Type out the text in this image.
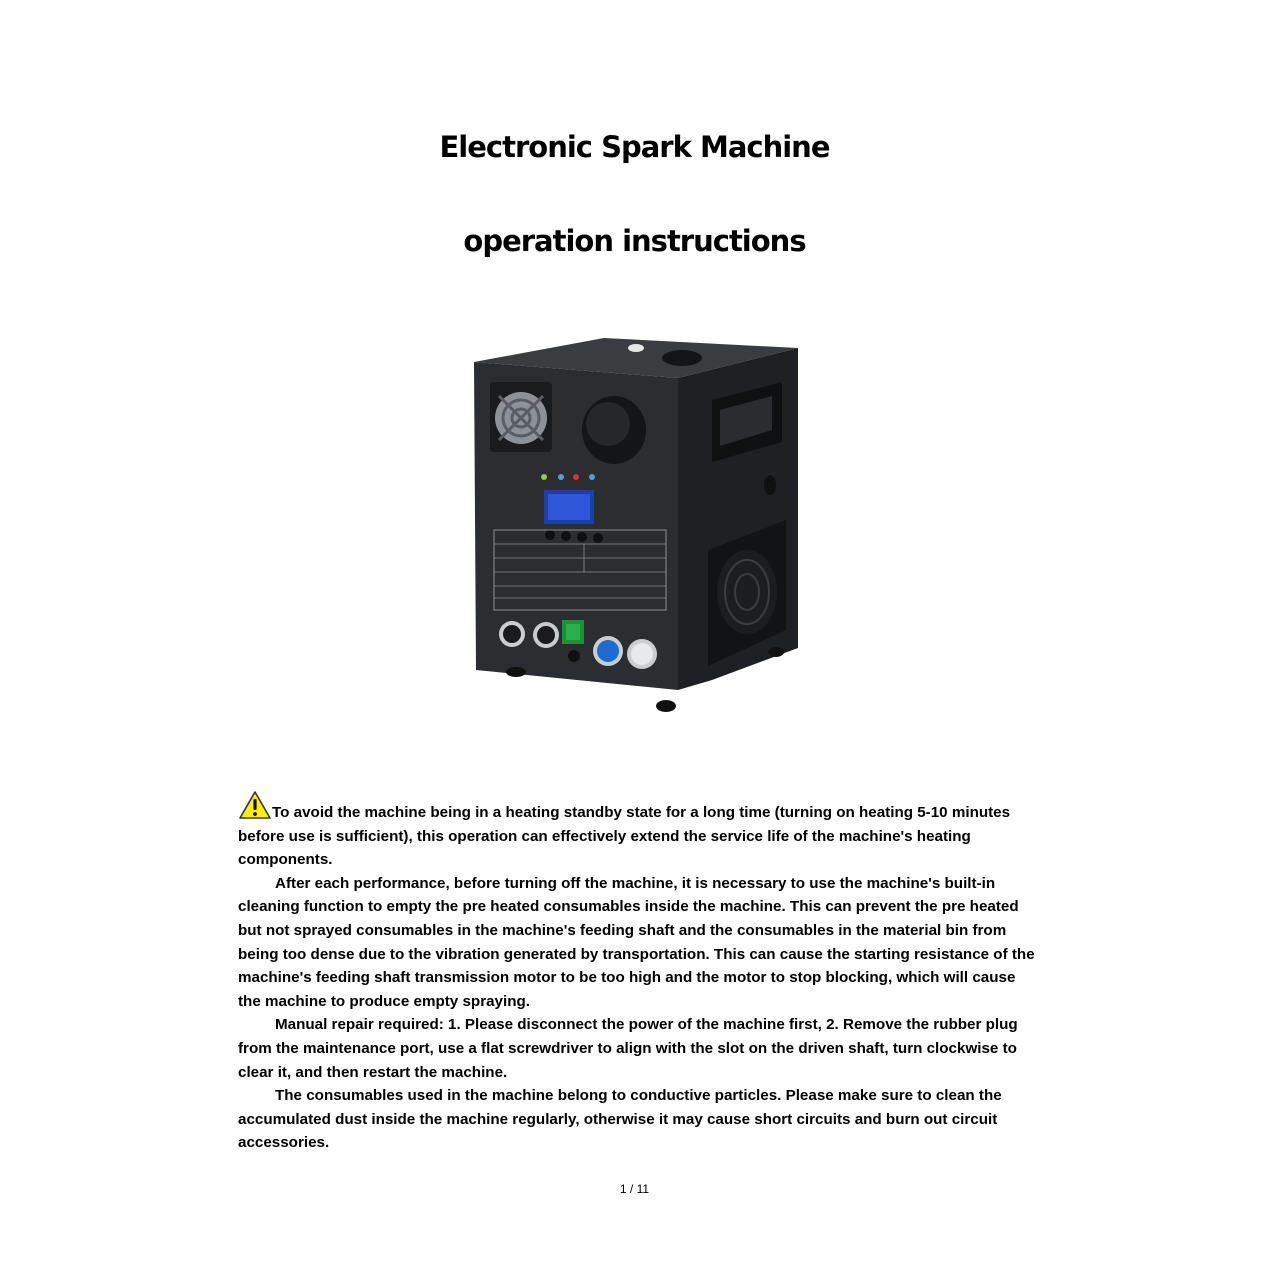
Electronic Spark Machine
operation instructions

To avoid the machine being in a heating standby state for a long time (turning on heating 5-10 minutes before use is sufficient), this operation can effectively extend the service life of the machine's heating components.

After each performance, before turning off the machine, it is necessary to use the machine's built-in cleaning function to empty the pre heated consumables inside the machine. This can prevent the pre heated but not sprayed consumables in the machine's feeding shaft and the consumables in the material bin from being too dense due to the vibration generated by transportation. This can cause the starting resistance of the machine's feeding shaft transmission motor to be too high and the motor to stop blocking, which will cause the machine to produce empty spraying.

Manual repair required: 1. Please disconnect the power of the machine first, 2. Remove the rubber plug from the maintenance port, use a flat screwdriver to align with the slot on the driven shaft, turn clockwise to clear it, and then restart the machine.

The consumables used in the machine belong to conductive particles. Please make sure to clean the accumulated dust inside the machine regularly, otherwise it may cause short circuits and burn out circuit accessories.

1 / 11
